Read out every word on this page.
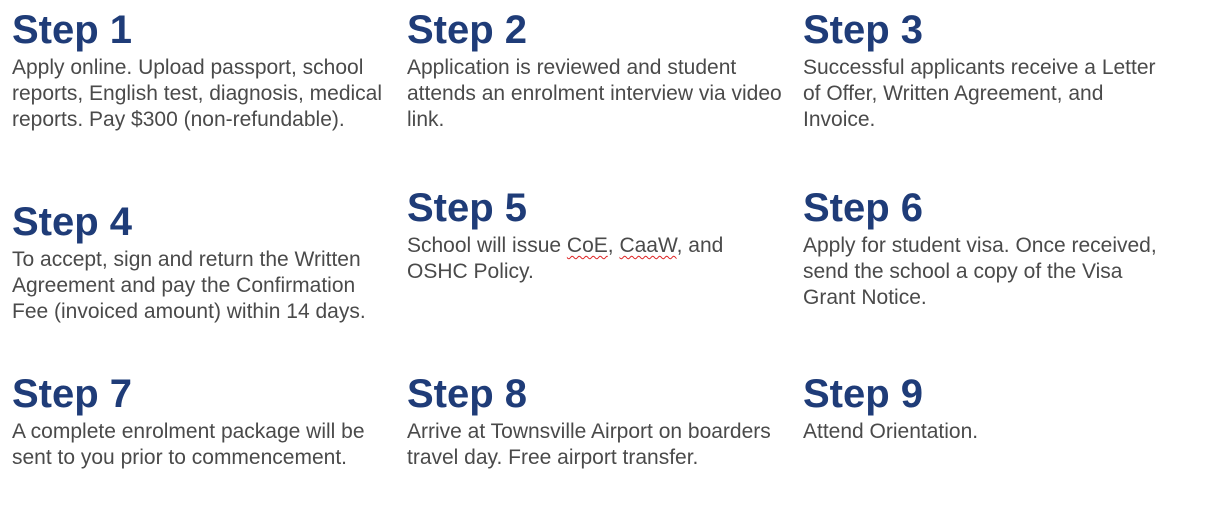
Step 1

Apply online. Upload passport, school reports, English test, diagnosis, medical reports. Pay $300 (non-refundable).

Step 2

Application is reviewed and student attends an enrolment interview via video link.

Step 3

Successful applicants receive a Letter of Offer, Written Agreement, and Invoice.

Step 4

To accept, sign and return the Written Agreement and pay the Confirmation Fee (invoiced amount) within 14 days.

Step 5

School will issue CoE, CaaW, and OSHC Policy.

Step 6

Apply for student visa. Once received, send the school a copy of the Visa Grant Notice.

Step 7

A complete enrolment package will be sent to you prior to commencement.

Step 8

Arrive at Townsville Airport on boarders travel day. Free airport transfer.

Step 9

Attend Orientation.
